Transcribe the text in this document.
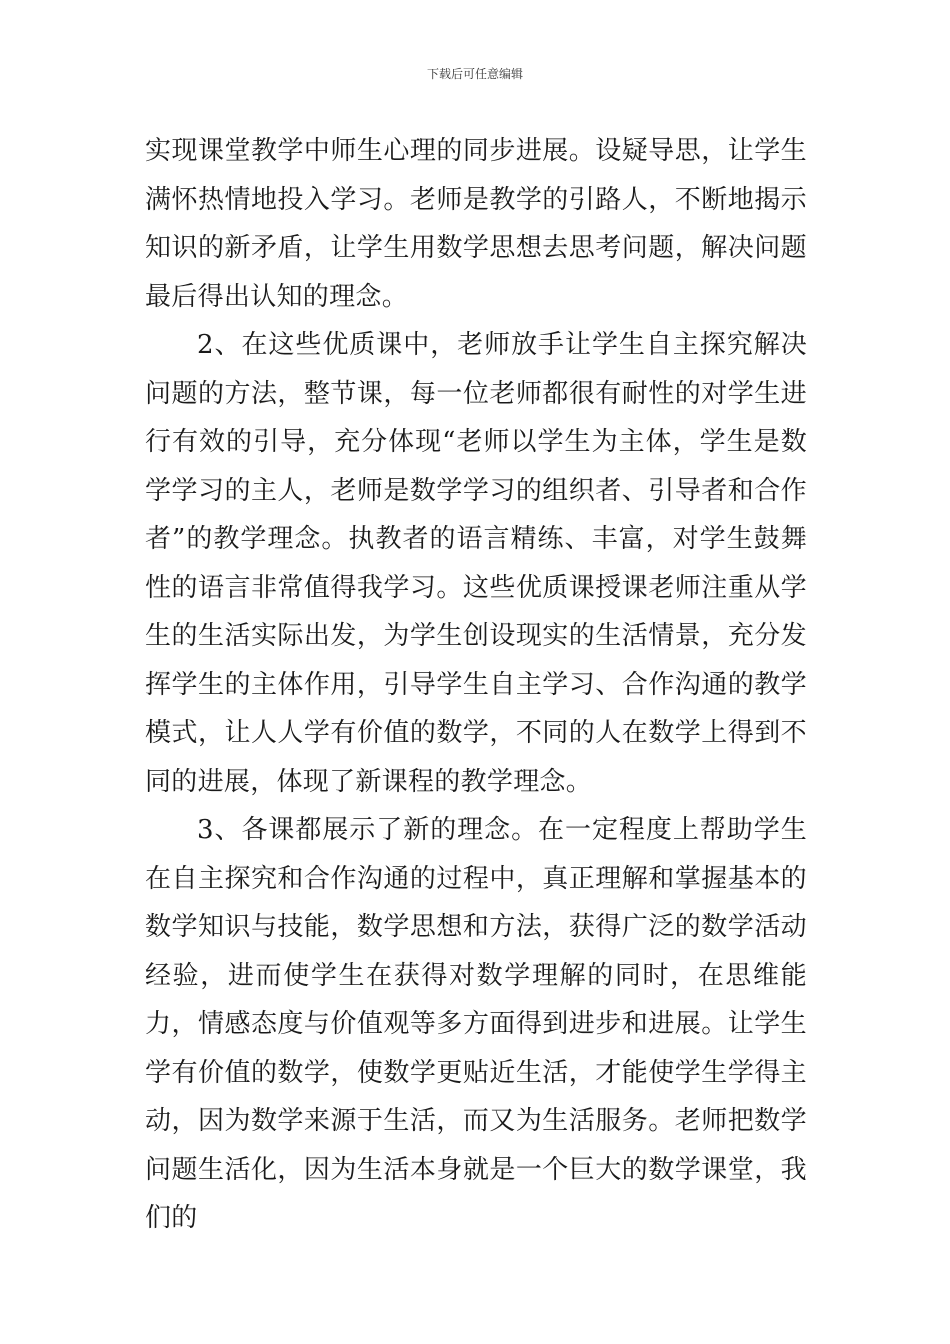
下载后可任意编辑

实现课堂教学中师生心理的同步进展。设疑导思，让学生满怀热情地投入学习。老师是教学的引路人，不断地揭示知识的新矛盾，让学生用数学思想去思考问题，解决问题最后得出认知的理念。

2、在这些优质课中，老师放手让学生自主探究解决问题的方法，整节课，每一位老师都很有耐性的对学生进行有效的引导，充分体现“老师以学生为主体，学生是数学学习的主人，老师是数学学习的组织者、引导者和合作者”的教学理念。执教者的语言精练、丰富，对学生鼓舞性的语言非常值得我学习。这些优质课授课老师注重从学生的生活实际出发，为学生创设现实的生活情景，充分发挥学生的主体作用，引导学生自主学习、合作沟通的教学模式，让人人学有价值的数学，不同的人在数学上得到不同的进展，体现了新课程的教学理念。

3、各课都展示了新的理念。在一定程度上帮助学生在自主探究和合作沟通的过程中，真正理解和掌握基本的数学知识与技能，数学思想和方法，获得广泛的数学活动经验，进而使学生在获得对数学理解的同时，在思维能力，情感态度与价值观等多方面得到进步和进展。让学生学有价值的数学，使数学更贴近生活，才能使学生学得主动，因为数学来源于生活，而又为生活服务。老师把数学问题生活化，因为生活本身就是一个巨大的数学课堂，我们的
